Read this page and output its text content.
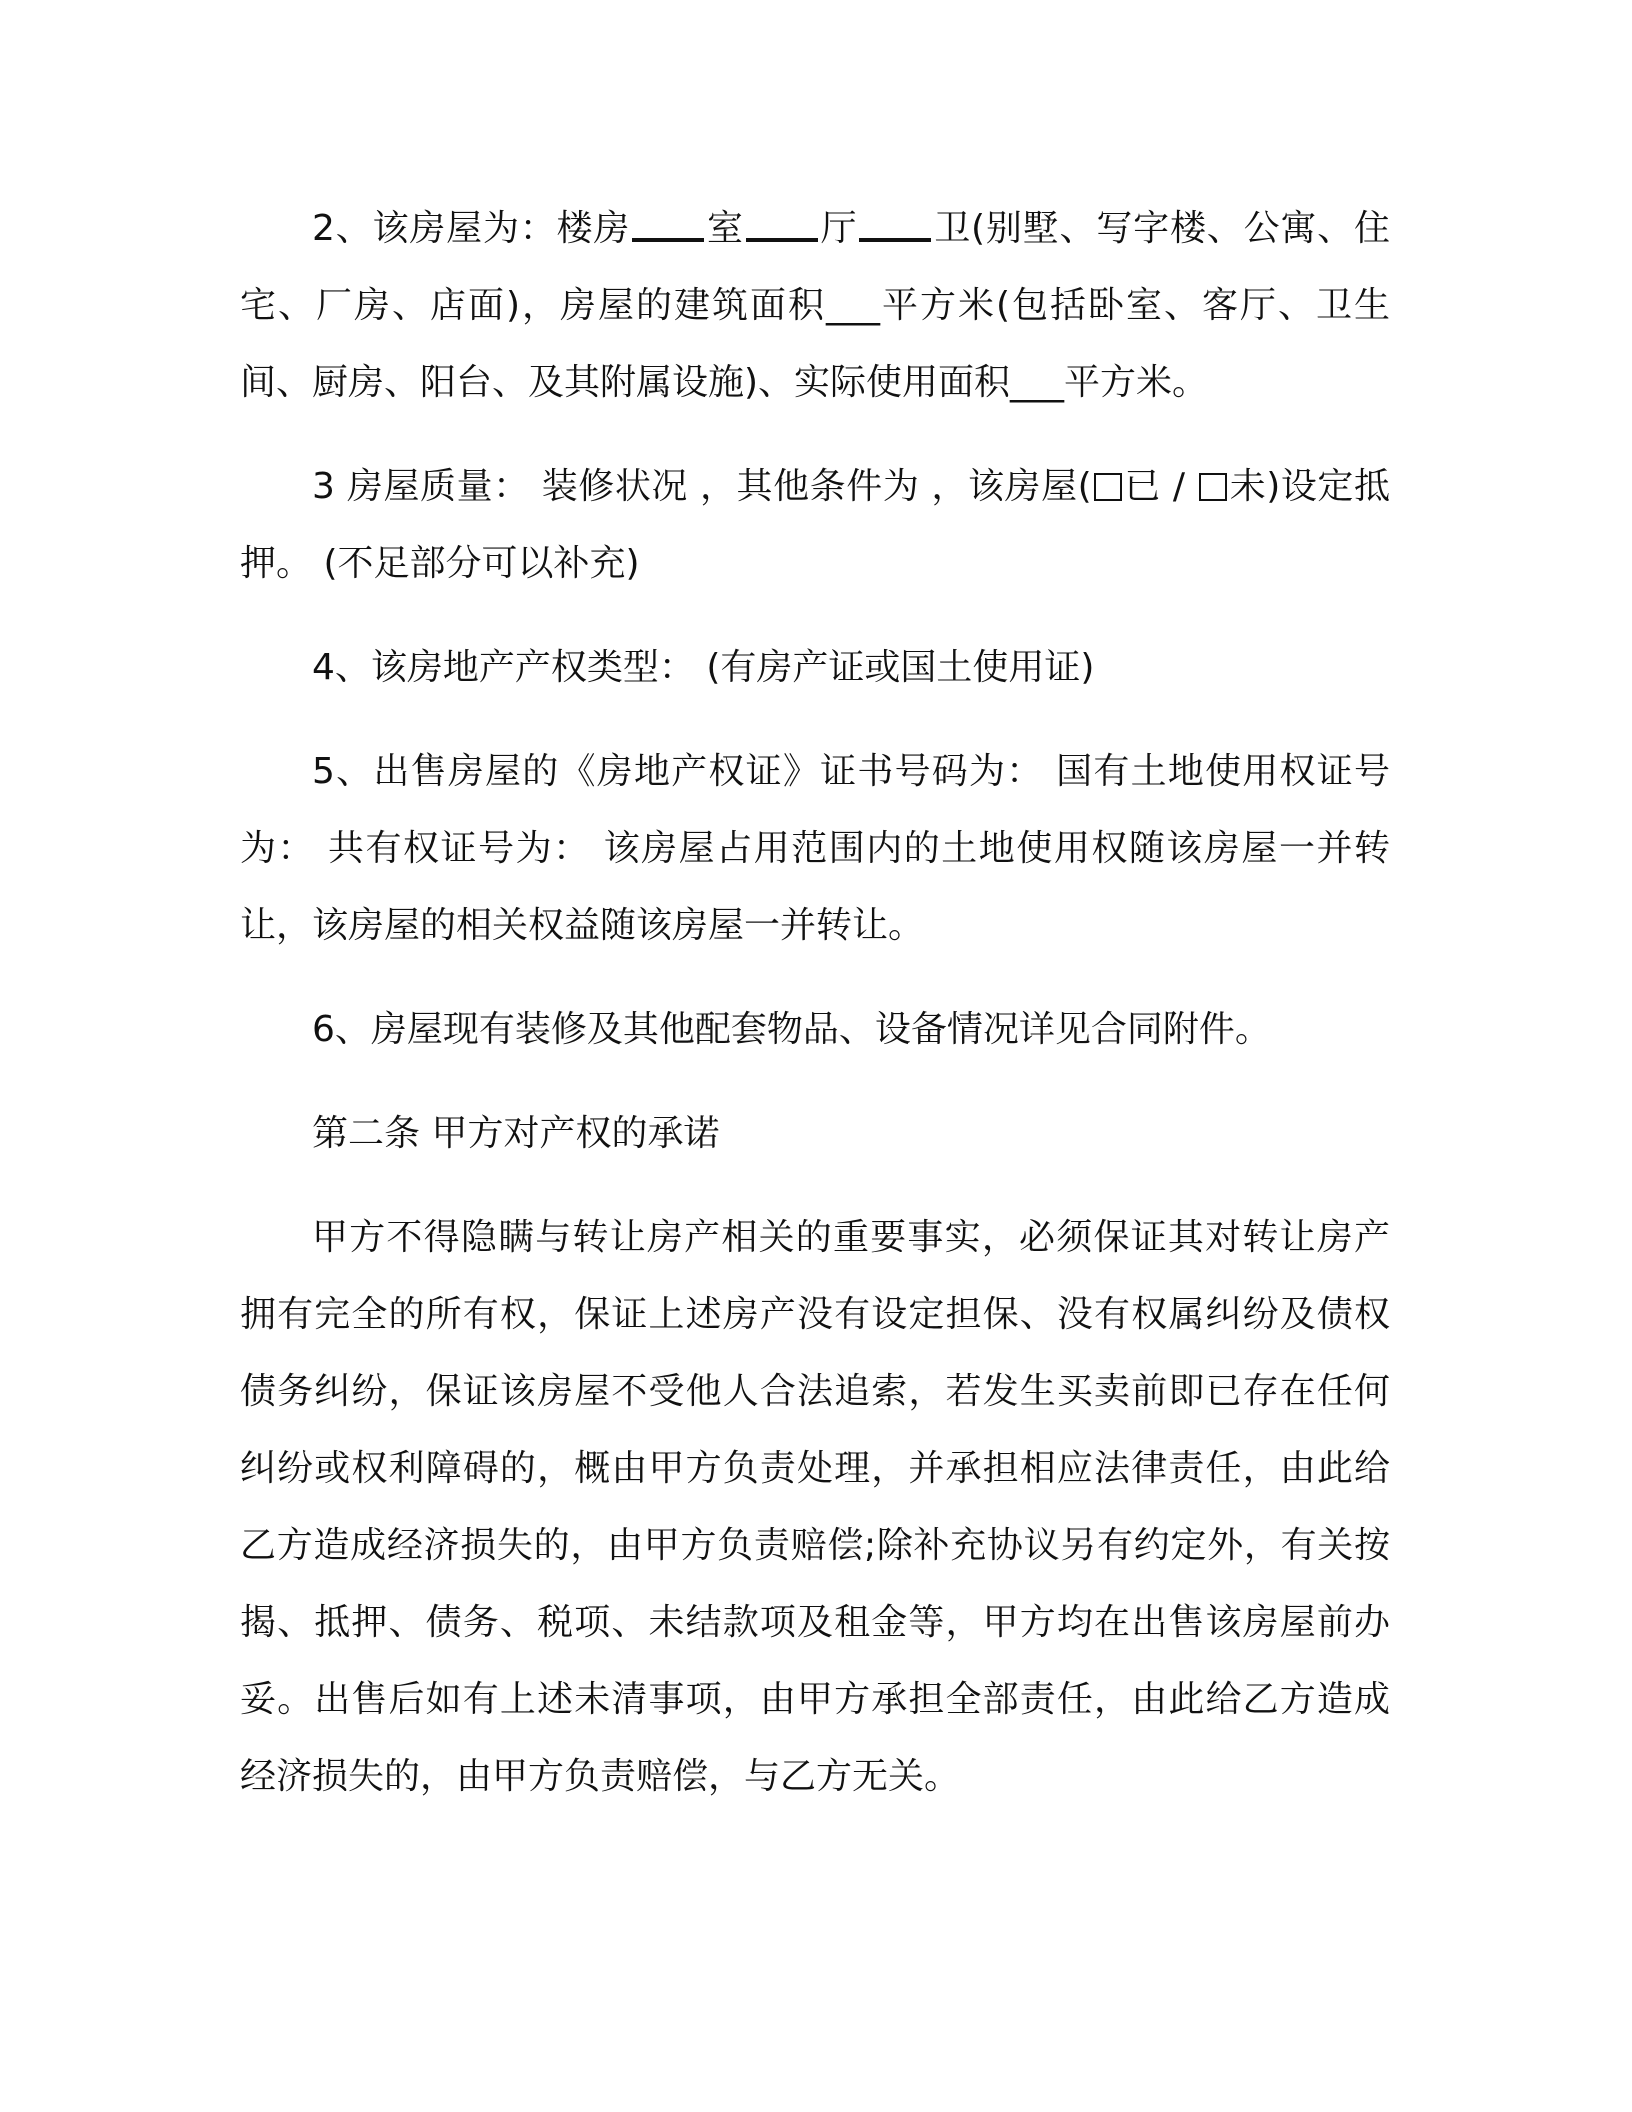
2、该房屋为：楼房 室 厅 卫(别墅、写字楼、公寓、住宅、厂房、店面)，房屋的建筑面积___平方米(包括卧室、客厅、卫生间、厨房、阳台、及其附属设施)、实际使用面积___平方米。

3 房屋质量： 装修状况 ，其他条件为 ，该房屋( 已 / 未)设定抵押。 (不足部分可以补充)

4、该房地产产权类型： (有房产证或国土使用证)

5、出售房屋的《房地产权证》证书号码为： 国有土地使用权证号为： 共有权证号为： 该房屋占用范围内的土地使用权随该房屋一并转让，该房屋的相关权益随该房屋一并转让。

6、房屋现有装修及其他配套物品、设备情况详见合同附件。

第二条 甲方对产权的承诺

甲方不得隐瞒与转让房产相关的重要事实，必须保证其对转让房产拥有完全的所有权，保证上述房产没有设定担保、没有权属纠纷及债权债务纠纷，保证该房屋不受他人合法追索，若发生买卖前即已存在任何纠纷或权利障碍的，概由甲方负责处理，并承担相应法律责任，由此给乙方造成经济损失的，由甲方负责赔偿;除补充协议另有约定外，有关按揭、抵押、债务、税项、未结款项及租金等，甲方均在出售该房屋前办妥。出售后如有上述未清事项，由甲方承担全部责任，由此给乙方造成经济损失的，由甲方负责赔偿，与乙方无关。
